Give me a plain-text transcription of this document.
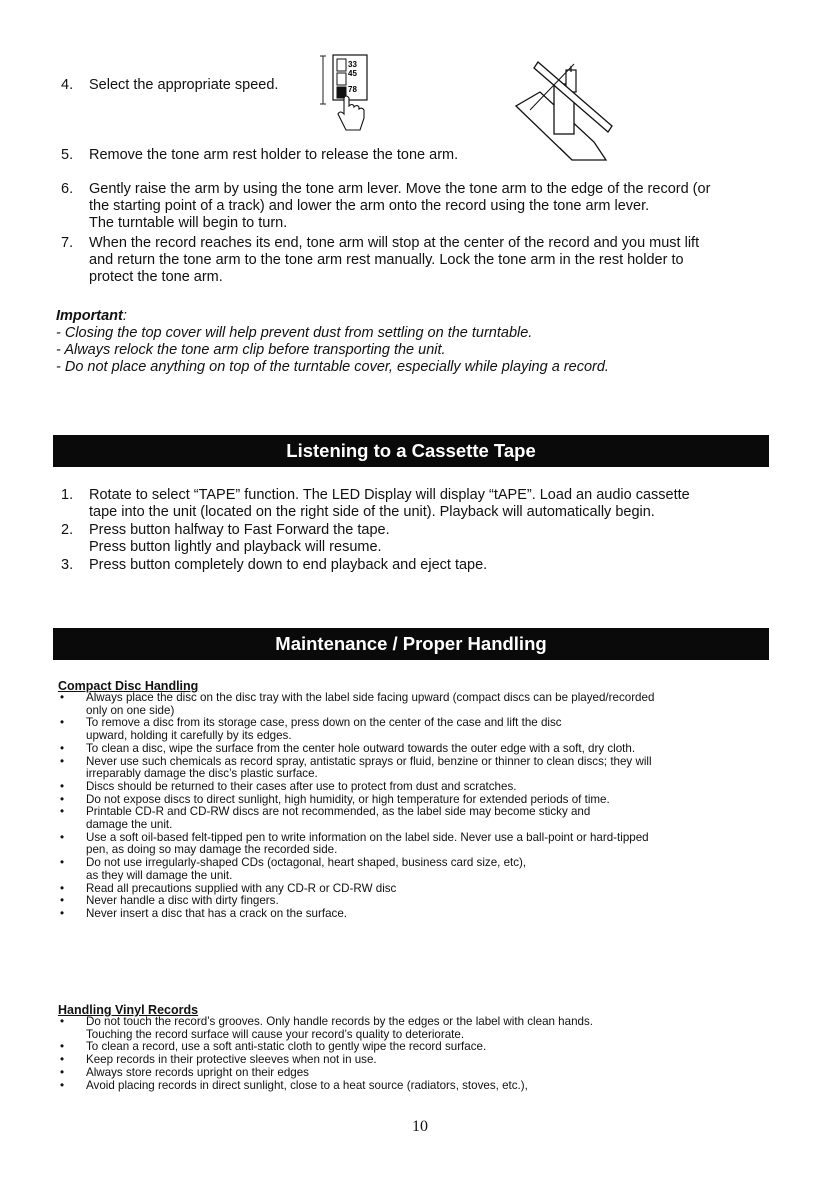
4.	Select the appropriate speed.
33
45
78
5.	Remove the tone arm rest holder to release the tone arm.
6.	Gently raise the arm by using the tone arm lever. Move the tone arm to the edge of the record (or
the starting point of a track) and lower the arm onto the record using the tone arm lever.
The turntable will begin to turn.
7.	When the record reaches its end, tone arm will stop at the center of the record and you must lift
and return the tone arm to the tone arm rest manually. Lock the tone arm in the rest holder to
protect the tone arm.
Important:
- Closing the top cover will help prevent dust from settling on the turntable.
- Always relock the tone arm clip before transporting the unit.
- Do not place anything on top of the turntable cover, especially while playing a record.
Listening to a Cassette Tape
1.	Rotate to select “TAPE” function. The LED Display will display “tAPE”. Load an audio cassette
tape into the unit (located on the right side of the unit). Playback will automatically begin.
2.	Press button halfway to Fast Forward the tape.
Press button lightly and playback will resume.
3.	Press button completely down to end playback and eject tape.
Maintenance / Proper Handling
Compact Disc Handling
• Always place the disc on the disc tray with the label side facing upward (compact discs can be played/recorded
only on one side)
• To remove a disc from its storage case, press down on the center of the case and lift the disc
upward, holding it carefully by its edges.
• To clean a disc, wipe the surface from the center hole outward towards the outer edge with a soft, dry cloth.
• Never use such chemicals as record spray, antistatic sprays or fluid, benzine or thinner to clean discs; they will
irreparably damage the disc’s plastic surface.
• Discs should be returned to their cases after use to protect from dust and scratches.
• Do not expose discs to direct sunlight, high humidity, or high temperature for extended periods of time.
• Printable CD-R and CD-RW discs are not recommended, as the label side may become sticky and
damage the unit.
• Use a soft oil-based felt-tipped pen to write information on the label side. Never use a ball-point or hard-tipped
pen, as doing so may damage the recorded side.
• Do not use irregularly-shaped CDs (octagonal, heart shaped, business card size, etc),
as they will damage the unit.
• Read all precautions supplied with any CD-R or CD-RW disc
• Never handle a disc with dirty fingers.
• Never insert a disc that has a crack on the surface.
Handling Vinyl Records
• Do not touch the record’s grooves. Only handle records by the edges or the label with clean hands.
Touching the record surface will cause your record’s quality to deteriorate.
• To clean a record, use a soft anti-static cloth to gently wipe the record surface.
• Keep records in their protective sleeves when not in use.
• Always store records upright on their edges
• Avoid placing records in direct sunlight, close to a heat source (radiators, stoves, etc.),
10
